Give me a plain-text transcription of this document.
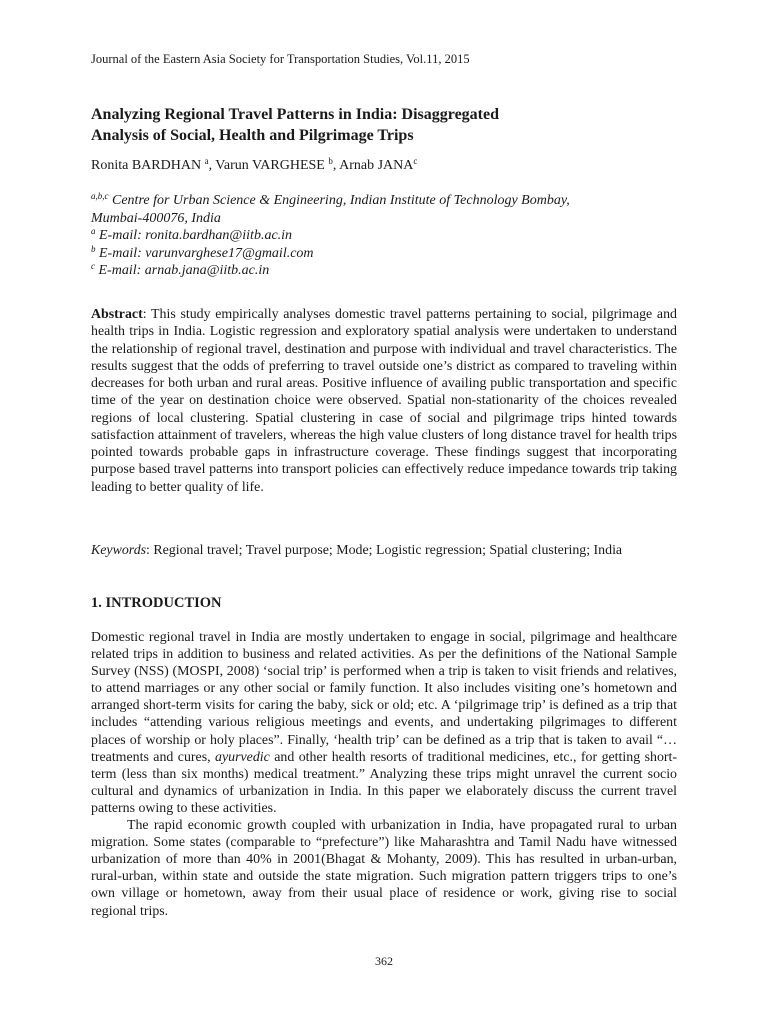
Journal of the Eastern Asia Society for Transportation Studies, Vol.11, 2015
Analyzing Regional Travel Patterns in India: Disaggregated
Analysis of Social, Health and Pilgrimage Trips
Ronita BARDHAN $^a$, Varun VARGHESE $^b$, Arnab JANA$^c$
$^{a,b,c}$ Centre for Urban Science & Engineering, Indian Institute of Technology Bombay,
Mumbai-400076, India
$^a$ E-mail: ronita.bardhan@iitb.ac.in
$^b$ E-mail: varunvarghese17@gmail.com
$^c$ E-mail: arnab.jana@iitb.ac.in
Abstract: This study empirically analyses domestic travel patterns pertaining to social, pilgrimage and health trips in India. Logistic regression and exploratory spatial analysis were undertaken to understand the relationship of regional travel, destination and purpose with individual and travel characteristics. The results suggest that the odds of preferring to travel outside one’s district as compared to traveling within decreases for both urban and rural areas. Positive influence of availing public transportation and specific time of the year on destination choice were observed. Spatial non-stationarity of the choices revealed regions of local clustering. Spatial clustering in case of social and pilgrimage trips hinted towards satisfaction attainment of travelers, whereas the high value clusters of long distance travel for health trips pointed towards probable gaps in infrastructure coverage. These findings suggest that incorporating purpose based travel patterns into transport policies can effectively reduce impedance towards trip taking leading to better quality of life.
Keywords: Regional travel; Travel purpose; Mode; Logistic regression; Spatial clustering; India
1. INTRODUCTION

Domestic regional travel in India are mostly undertaken to engage in social, pilgrimage and healthcare related trips in addition to business and related activities. As per the definitions of the National Sample Survey (NSS) (MOSPI, 2008) ‘social trip’ is performed when a trip is taken to visit friends and relatives, to attend marriages or any other social or family function. It also includes visiting one’s hometown and arranged short-term visits for caring the baby, sick or old; etc. A ‘pilgrimage trip’ is defined as a trip that includes “attending various religious meetings and events, and undertaking pilgrimages to different places of worship or holy places”. Finally, ‘health trip’ can be defined as a trip that is taken to avail “… treatments and cures, ayurvedic and other health resorts of traditional medicines, etc., for getting short-term (less than six months) medical treatment.” Analyzing these trips might unravel the current socio cultural and dynamics of urbanization in India. In this paper we elaborately discuss the current travel patterns owing to these activities.

The rapid economic growth coupled with urbanization in India, have propagated rural to urban migration. Some states (comparable to “prefecture”) like Maharashtra and Tamil Nadu have witnessed urbanization of more than 40% in 2001(Bhagat & Mohanty, 2009). This has resulted in urban-urban, rural-urban, within state and outside the state migration. Such migration pattern triggers trips to one’s own village or hometown, away from their usual place of residence or work, giving rise to social regional trips.

362
